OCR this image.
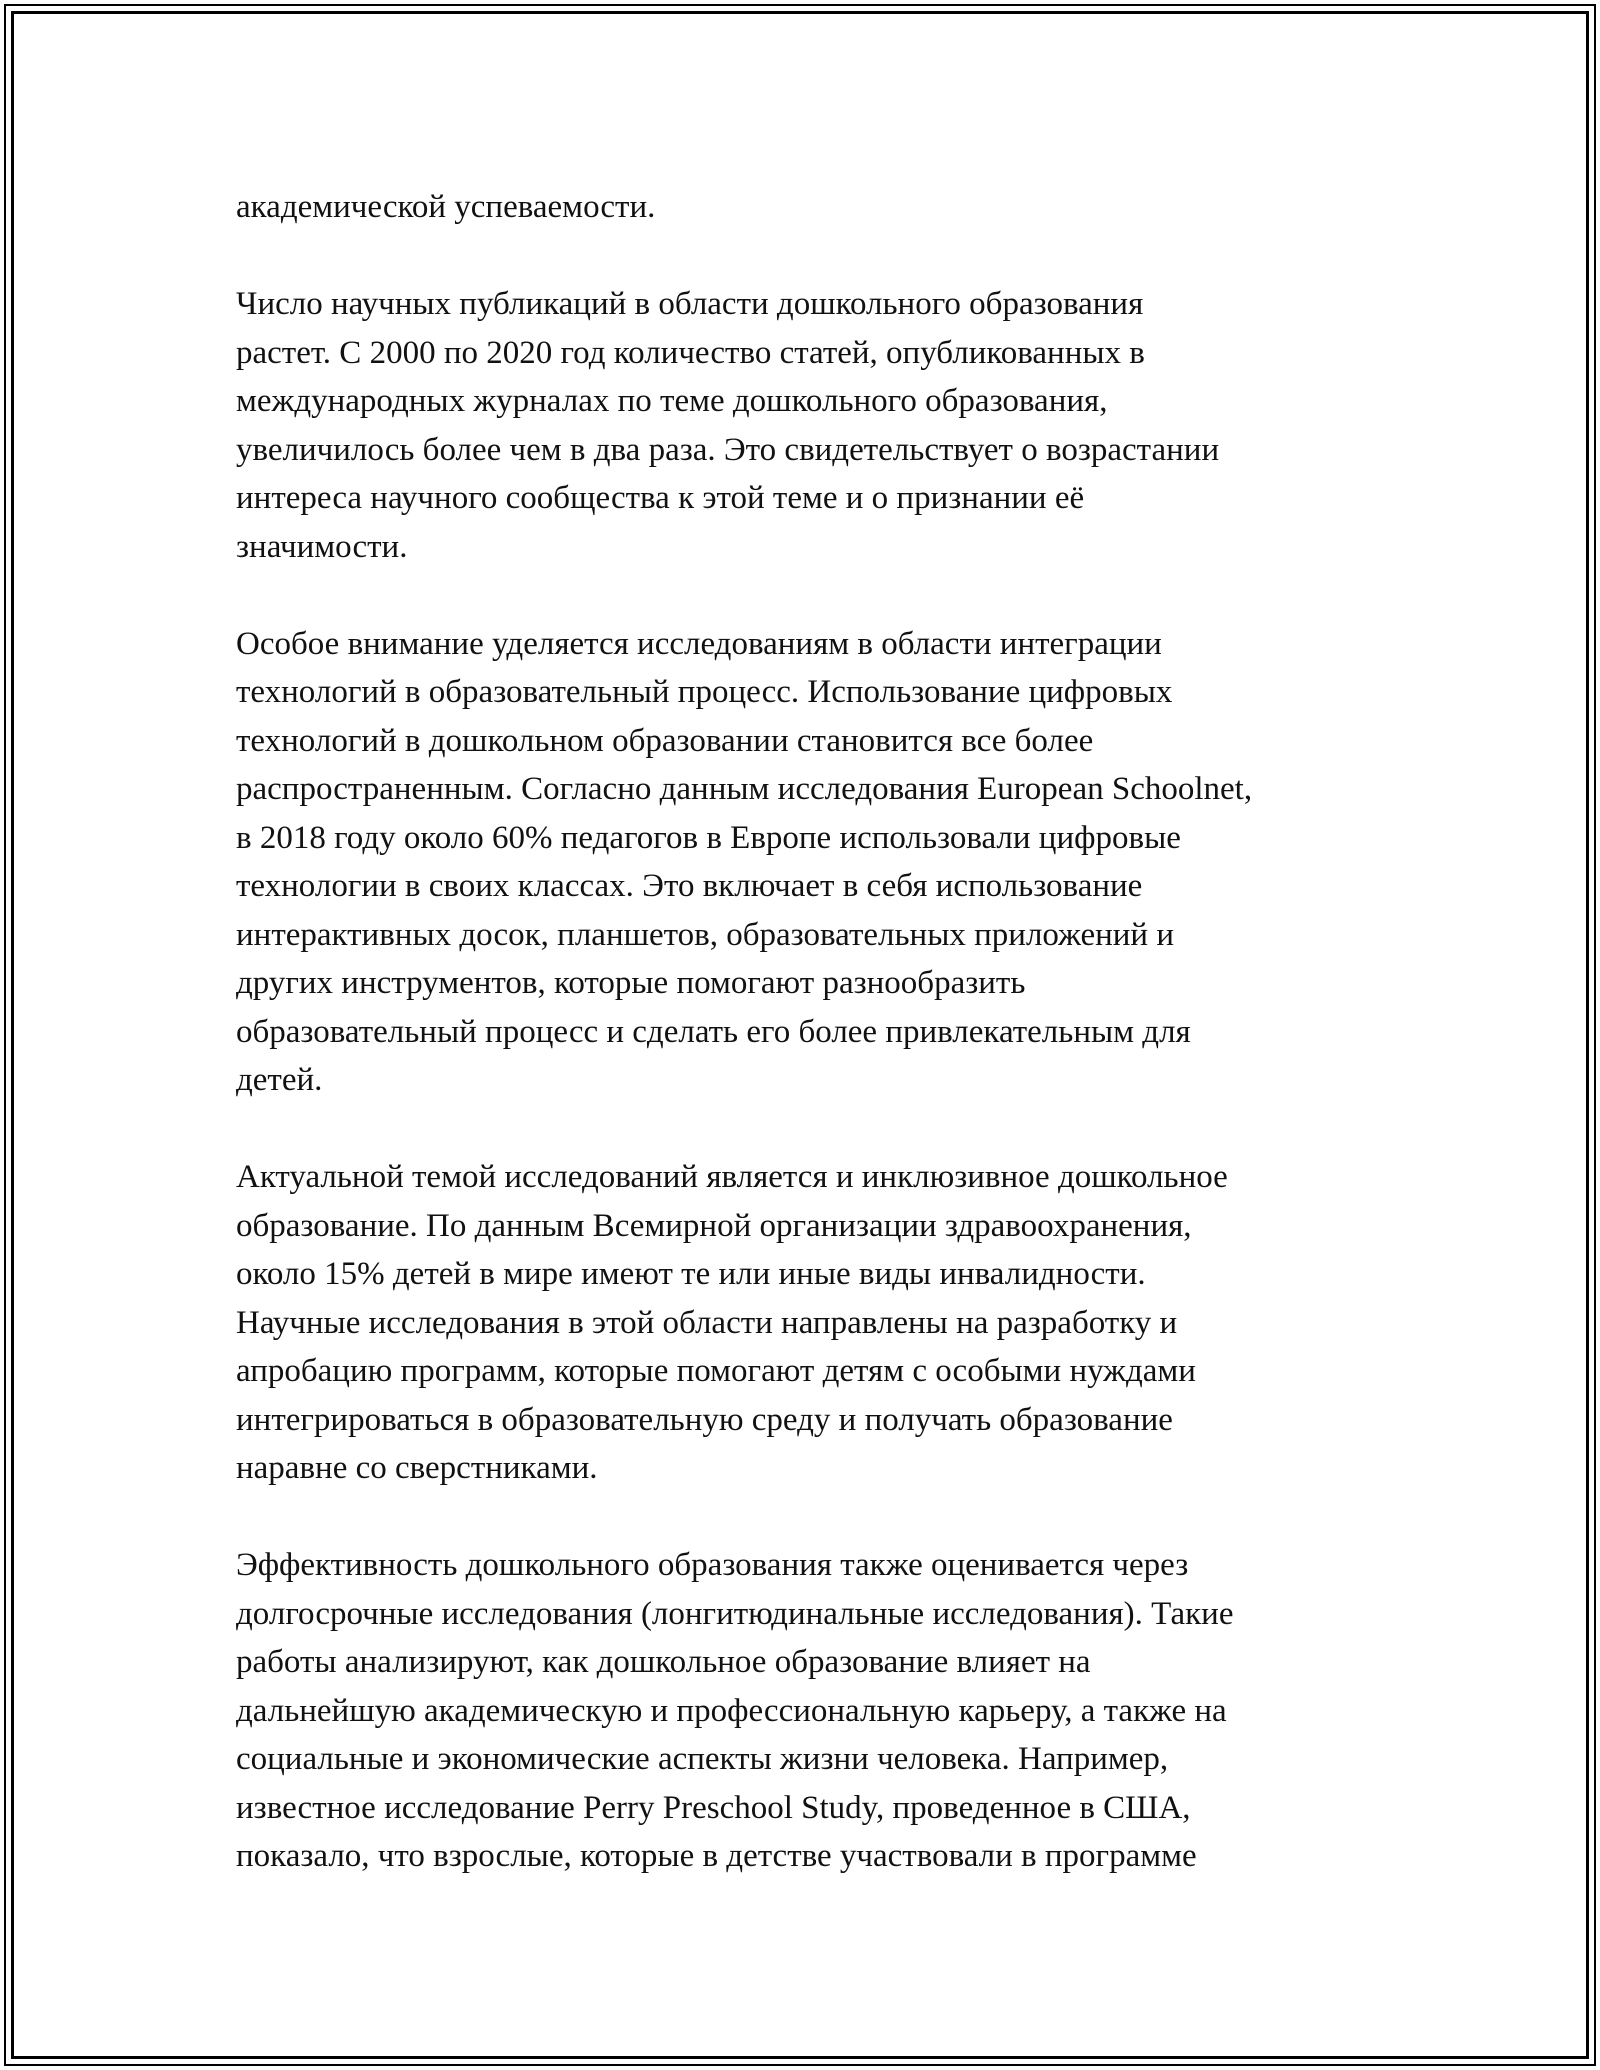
академической успеваемости.

Число научных публикаций в области дошкольного образования
растет. С 2000 по 2020 год количество статей, опубликованных в
международных журналах по теме дошкольного образования,
увеличилось более чем в два раза. Это свидетельствует о возрастании
интереса научного сообщества к этой теме и о признании её
значимости.

Особое внимание уделяется исследованиям в области интеграции
технологий в образовательный процесс. Использование цифровых
технологий в дошкольном образовании становится все более
распространенным. Согласно данным исследования European Schoolnet,
в 2018 году около 60% педагогов в Европе использовали цифровые
технологии в своих классах. Это включает в себя использование
интерактивных досок, планшетов, образовательных приложений и
других инструментов, которые помогают разнообразить
образовательный процесс и сделать его более привлекательным для
детей.

Актуальной темой исследований является и инклюзивное дошкольное
образование. По данным Всемирной организации здравоохранения,
около 15% детей в мире имеют те или иные виды инвалидности.
Научные исследования в этой области направлены на разработку и
апробацию программ, которые помогают детям с особыми нуждами
интегрироваться в образовательную среду и получать образование
наравне со сверстниками.

Эффективность дошкольного образования также оценивается через
долгосрочные исследования (лонгитюдинальные исследования). Такие
работы анализируют, как дошкольное образование влияет на
дальнейшую академическую и профессиональную карьеру, а также на
социальные и экономические аспекты жизни человека. Например,
известное исследование Perry Preschool Study, проведенное в США,
показало, что взрослые, которые в детстве участвовали в программе
